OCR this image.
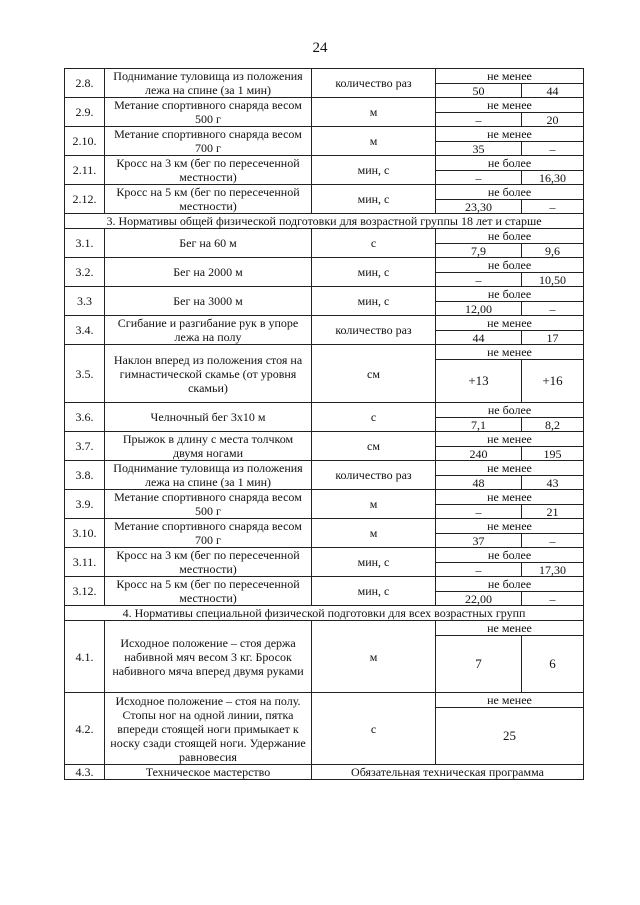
24
2.8.	Поднимание туловища из положения лежа на спине (за 1 мин)	количество раз	не менее	
			50	44
2.9.	Метание спортивного снаряда весом 500 г	м	не менее	
			–	20
2.10.	Метание спортивного снаряда весом 700 г	м	не менее	
			35	–
2.11.	Кросс на 3 км (бег по пересеченной местности)	мин, с	не более	
			–	16,30
2.12.	Кросс на 5 км (бег по пересеченной местности)	мин, с	не более	
			23,30	–
3. Нормативы общей физической подготовки для возрастной группы 18 лет и старше				
3.1.	Бег на 60 м	с	не более	
			7,9	9,6
3.2.	Бег на 2000 м	мин, с	не более	
			–	10,50
3.3	Бег на 3000 м	мин, с	не более	
			12,00	–
3.4.	Сгибание и разгибание рук в упоре лежа на полу	количество раз	не менее	
			44	17
3.5.	Наклон вперед из положения стоя на гимнастической скамье (от уровня скамьи)	см	не менее	
			+13	+16
3.6.	Челночный бег 3х10 м	с	не более	
			7,1	8,2
3.7.	Прыжок в длину с места толчком двумя ногами	см	не менее	
			240	195
3.8.	Поднимание туловища из положения лежа на спине (за 1 мин)	количество раз	не менее	
			48	43
3.9.	Метание спортивного снаряда весом 500 г	м	не менее	
			–	21
3.10.	Метание спортивного снаряда весом 700 г	м	не менее	
			37	–
3.11.	Кросс на 3 км (бег по пересеченной местности)	мин, с	не более	
			–	17,30
3.12.	Кросс на 5 км (бег по пересеченной местности)	мин, с	не более	
			22,00	–
4. Нормативы специальной физической подготовки для всех возрастных групп				
4.1.	Исходное положение – стоя держа набивной мяч весом 3 кг. Бросок набивного мяча вперед двумя руками	м	не менее	
			7	6
4.2.	Исходное положение – стоя на полу. Стопы ног на одной линии, пятка впереди стоящей ноги примыкает к носку сзади стоящей ноги. Удержание равновесия	с	не менее	
			25	
4.3.	Техническое мастерство	Обязательная техническая программа		
